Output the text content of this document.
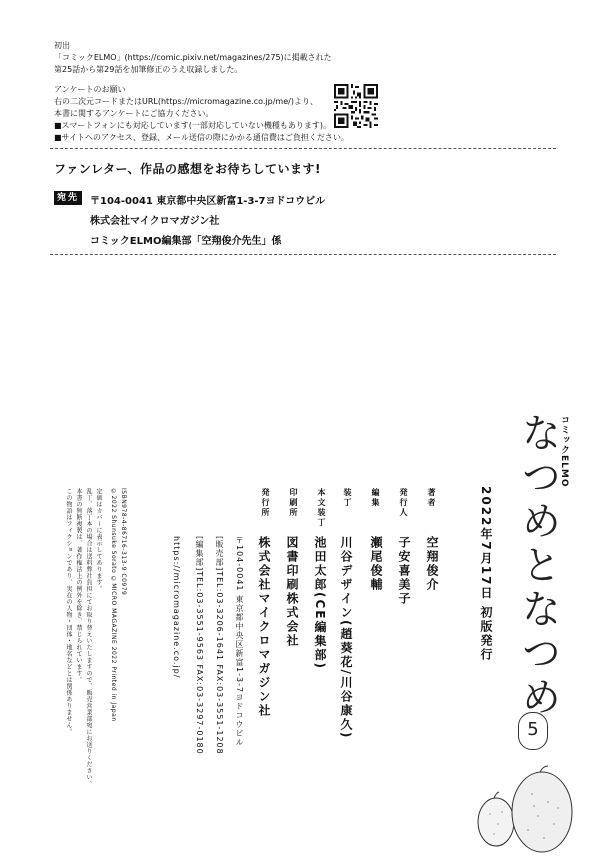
初出
「コミックELMO」(https://comic.pixiv.net/magazines/275)に掲載された
第25話から第29話を加筆修正のうえ収録しました。
アンケートのお願い
右の二次元コードまたはURL(https://micromagazine.co.jp/me/)より、
本書に関するアンケートにご協力ください。
■スマートフォンにも対応しています(一部対応していない機種もあります)。
■サイトへのアクセス、登録、メール送信の際にかかる通信費はご負担ください。
ファンレター、作品の感想をお待ちしています!
宛先	〒104-0041 東京都中央区新富1-3-7ヨドコウビル
株式会社マイクロマガジン社
コミックELMO編集部「空翔俊介先生」係
コミックELMO
なつめとなつめ
5
2022年7月17日
初版発行
著者
空翔俊介
発行人
子安喜美子
編集
瀬尾俊輔
装丁
川谷デザイン(趙葵花/川谷康久)
本文装丁
池田太郎(CE編集部)
印刷所
図書印刷株式会社
発行所
株式会社マイクロマガジン社
〒104-0041 東京都中央区新富1-3-7ヨドコウビル
[販売部]TEL:03-3206-1641 FAX:03-3551-1208
[編集部]TEL:03-3551-9563 FAX:03-3297-0180
https://micromagazine.co.jp/
ISBN978-4-86716-313-9 C0979
©2022 Shunsuke Sorato ©MICRO MAGAZINE 2022 Printed in Japan
定価はカバーに表示してあります。
乱丁、落丁本の場合は送料弊社負担にてお取り替えいたしますので、販売営業部宛にお送りください。
本書の無断複製は、著作権法上の例外を除き、禁じられています。
この物語はフィクションであり、実在の人物・団体・地名などとは関係ありません。
